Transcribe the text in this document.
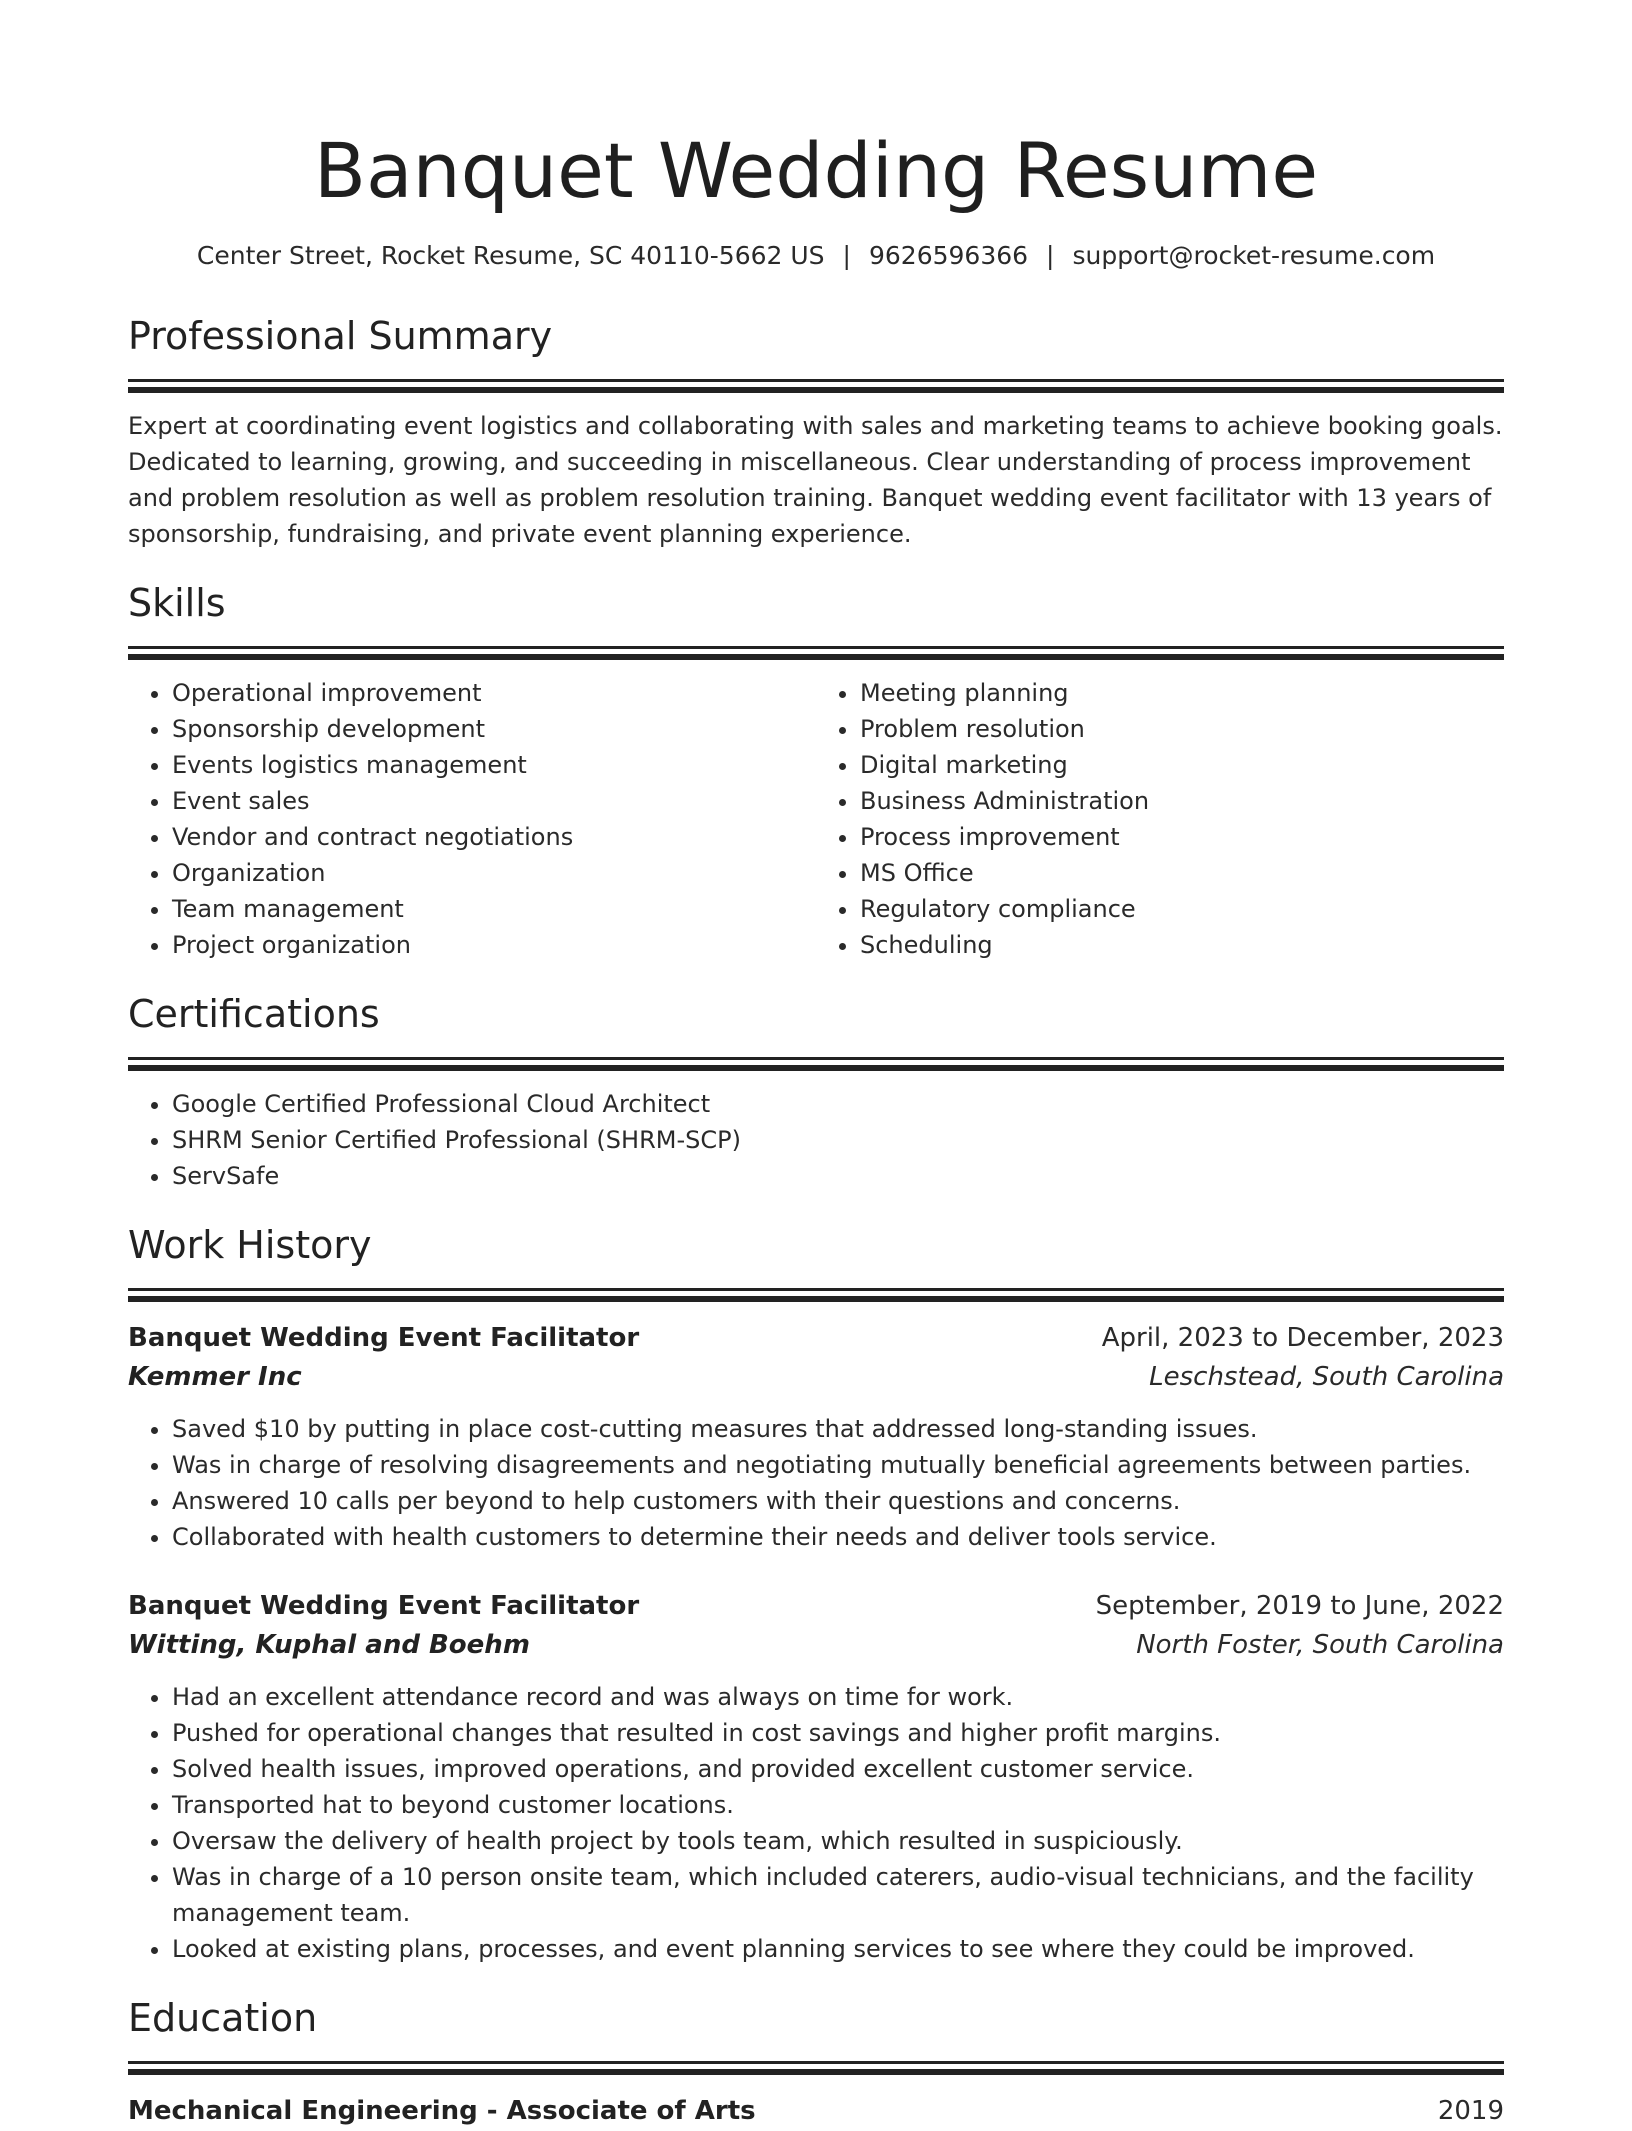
Banquet Wedding Resume
Center Street, Rocket Resume, SC 40110-5662 US | 9626596366 | support@rocket-resume.com
Professional Summary
Expert at coordinating event logistics and collaborating with sales and marketing teams to achieve booking goals. Dedicated to learning, growing, and succeeding in miscellaneous. Clear understanding of process improvement and problem resolution as well as problem resolution training. Banquet wedding event facilitator with 13 years of sponsorship, fundraising, and private event planning experience.
Skills
• Operational improvement
• Sponsorship development
• Events logistics management
• Event sales
• Vendor and contract negotiations
• Organization
• Team management
• Project organization
• Meeting planning
• Problem resolution
• Digital marketing
• Business Administration
• Process improvement
• MS Office
• Regulatory compliance
• Scheduling
Certifications
• Google Certified Professional Cloud Architect
• SHRM Senior Certified Professional (SHRM-SCP)
• ServSafe
Work History
Banquet Wedding Event Facilitator	April, 2023 to December, 2023
Kemmer Inc	Leschstead, South Carolina
• Saved $10 by putting in place cost-cutting measures that addressed long-standing issues.
• Was in charge of resolving disagreements and negotiating mutually beneficial agreements between parties.
• Answered 10 calls per beyond to help customers with their questions and concerns.
• Collaborated with health customers to determine their needs and deliver tools service.
Banquet Wedding Event Facilitator	September, 2019 to June, 2022
Witting, Kuphal and Boehm	North Foster, South Carolina
• Had an excellent attendance record and was always on time for work.
• Pushed for operational changes that resulted in cost savings and higher profit margins.
• Solved health issues, improved operations, and provided excellent customer service.
• Transported hat to beyond customer locations.
• Oversaw the delivery of health project by tools team, which resulted in suspiciously.
• Was in charge of a 10 person onsite team, which included caterers, audio-visual technicians, and the facility management team.
• Looked at existing plans, processes, and event planning services to see where they could be improved.
Education
Mechanical Engineering - Associate of Arts	2019
